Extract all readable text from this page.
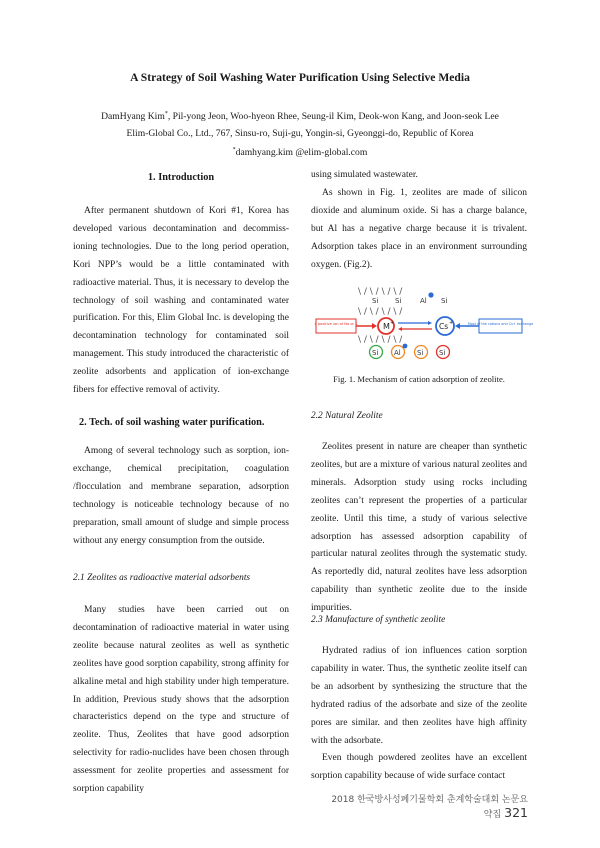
A Strategy of Soil Washing Water Purification Using Selective Media
DamHyang Kim*, Pil-yong Jeon, Woo-hyeon Rhee, Seung-il Kim, Deok-won Kang, and Joon-seok Lee
Elim-Global Co., Ltd., 767, Sinsu-ro, Suji-gu, Yongin-si, Gyeonggi-do, Republic of Korea
*damhyang.kim @elim-global.com
1. Introduction

After permanent shutdown of Kori #1, Korea has developed various decontamination and decommiss-ioning technologies. Due to the long period operation, Kori NPP’s would be a little contaminated with radioactive material. Thus, it is necessary to develop the technology of soil washing and contaminated water purification. For this, Elim Global Inc. is developing the decontamination technology for contaminated soil management. This study introduced the characteristic of zeolite adsorbents and application of ion-exchange fibers for effective removal of activity.

2. Tech. of soil washing water purification.

Among of several technology such as sorption, ion-exchange, chemical precipitation, coagulation /flocculation and membrane separation, adsorption technology is noticeable technology because of no preparation, small amount of sludge and simple process without any energy consumption from the outside.

2.1 Zeolites as radioactive material adsorbents

Many studies have been carried out on decontamination of radioactive material in water using zeolite because natural zeolites as well as synthetic zeolites have good sorption capability, strong affinity for alkaline metal and high stability under high temperature. In addition, Previous study shows that the adsorption characteristics depend on the type and structure of zeolite. Thus, Zeolites that have good adsorption selectivity for radio-nuclides have been chosen through assessment for zeolite properties and assessment for sorption capability

using simulated wastewater.

As shown in Fig. 1, zeolites are made of silicon dioxide and aluminum oxide. Si has a charge balance, but Al has a negative charge because it is trivalent. Adsorption takes place in an environment surrounding oxygen. (Fig.2).

\ / \ / \ / \ /
Si Si	Al Si
\ / \ / \ / \ /
a positive ion of Na or K	M +	Cs +	Most of the cations and Cs+ exchange
\ / \ / \ / \ /
Si Al Si Si
Fig. 1. Mechanism of cation adsorption of zeolite.
2.2 Natural Zeolite

Zeolites present in nature are cheaper than synthetic zeolites, but are a mixture of various natural zeolites and minerals. Adsorption study using rocks including zeolites can’t represent the properties of a particular zeolite. Until this time, a study of various selective adsorption has assessed adsorption capability of particular natural zeolites through the systematic study. As reportedly did, natural zeolites have less adsorption capability than synthetic zeolite due to the inside impurities.

2.3 Manufacture of synthetic zeolite

Hydrated radius of ion influences cation sorption capability in water. Thus, the synthetic zeolite itself can be an adsorbent by synthesizing the structure that the hydrated radius of the adsorbate and size of the zeolite pores are similar. and then zeolites have high affinity with the adsorbate.

Even though powdered zeolites have an excellent sorption capability because of wide surface contact

2018 한국방사성폐기물학회 춘계학술대회 논문요약집 321
